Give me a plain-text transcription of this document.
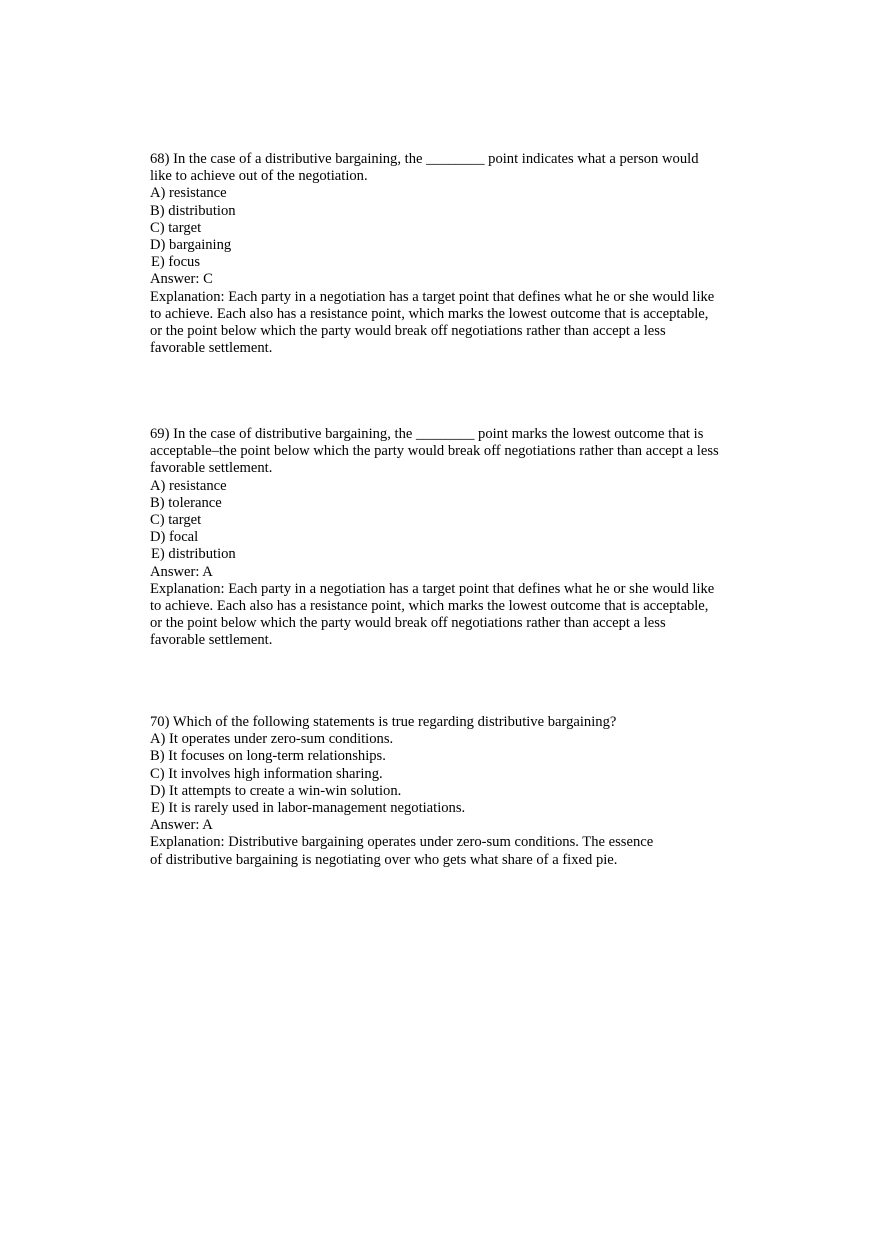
68) In the case of a distributive bargaining, the ________ point indicates what a person would
like to achieve out of the negotiation.
A) resistance
B) distribution
C) target
D) bargaining
E) focus
Answer: C
Explanation: Each party in a negotiation has a target point that defines what he or she would like
to achieve. Each also has a resistance point, which marks the lowest outcome that is acceptable,
or the point below which the party would break off negotiations rather than accept a less
favorable settlement.
69) In the case of distributive bargaining, the ________ point marks the lowest outcome that is
acceptable–the point below which the party would break off negotiations rather than accept a less
favorable settlement.
A) resistance
B) tolerance
C) target
D) focal
E) distribution
Answer: A
Explanation: Each party in a negotiation has a target point that defines what he or she would like
to achieve. Each also has a resistance point, which marks the lowest outcome that is acceptable,
or the point below which the party would break off negotiations rather than accept a less
favorable settlement.
70) Which of the following statements is true regarding distributive bargaining?
A) It operates under zero-sum conditions.
B) It focuses on long-term relationships.
C) It involves high information sharing.
D) It attempts to create a win-win solution.
E) It is rarely used in labor-management negotiations.
Answer: A
Explanation: Distributive bargaining operates under zero-sum conditions. The essence
of distributive bargaining is negotiating over who gets what share of a fixed pie.
